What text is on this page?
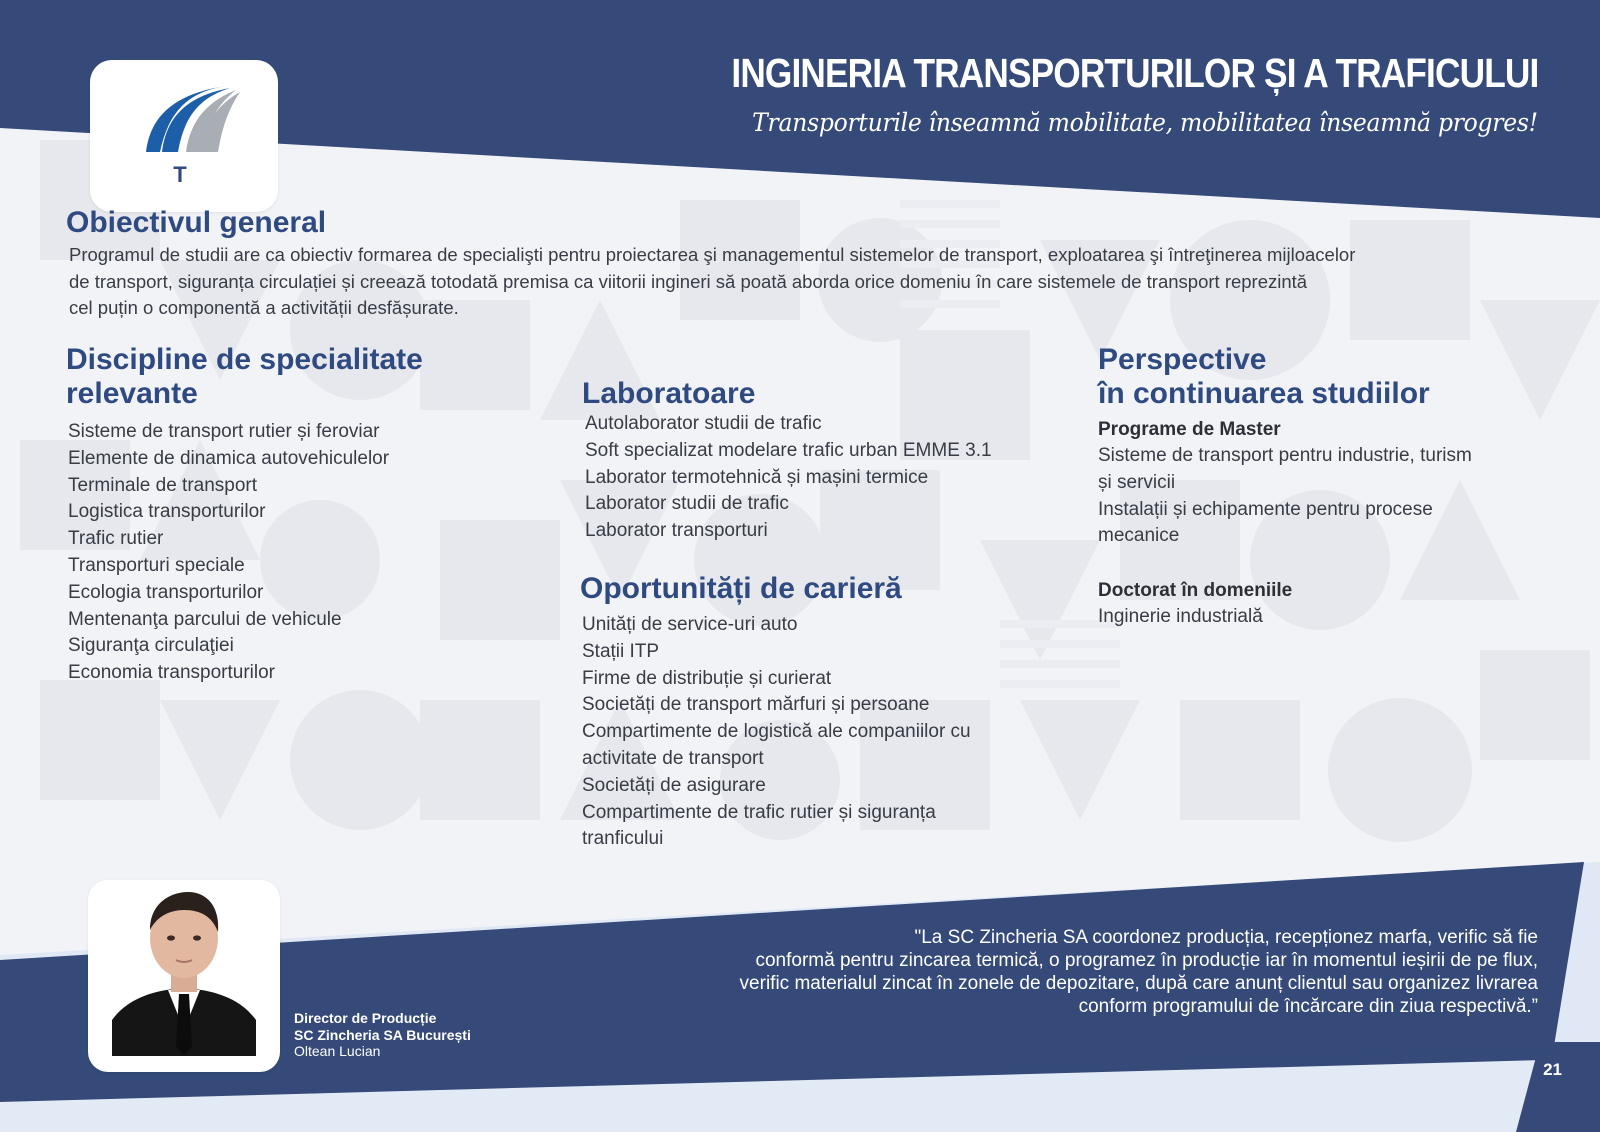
T
INGINERIA TRANSPORTURILOR ȘI A TRAFICULUI
Transporturile înseamnă mobilitate, mobilitatea înseamnă progres!
Obiectivul general
Programul de studii are ca obiectiv formarea de specialişti pentru proiectarea şi managementul sistemelor de transport, exploatarea şi întreţinerea mijloacelor
de transport, siguranța circulației și creează totodată premisa ca viitorii ingineri să poată aborda orice domeniu în care sistemele de transport reprezintă
cel puțin o componentă a activității desfășurate.
Discipline de specialitate
relevante
Sisteme de transport rutier și feroviar
Elemente de dinamica autovehiculelor
Terminale de transport
Logistica transporturilor
Trafic rutier
Transporturi speciale
Ecologia transporturilor
Mentenanţa parcului de vehicule
Siguranţa circulaţiei
Economia transporturilor
Laboratoare
Autolaborator studii de trafic
Soft specializat modelare trafic urban EMME 3.1
Laborator termotehnică și mașini termice
Laborator studii de trafic
Laborator transporturi
Oportunități de carieră
Unități de service-uri auto
Stații ITP
Firme de distribuție și curierat
Societăți de transport mărfuri și persoane
Compartimente de logistică ale companiilor cu
activitate de transport
Societăți de asigurare
Compartimente de trafic rutier și siguranța
tranficului
Perspective
în continuarea studiilor
Programe de Master
Sisteme de transport pentru industrie, turism
și servicii
Instalații și echipamente pentru procese
mecanice
Doctorat în domeniile
Inginerie industrială
Director de Producție
SC Zincheria SA București
Oltean Lucian
"La SC Zincheria SA coordonez producția, recepționez marfa, verific să fie
conformă pentru zincarea termică, o programez în producție iar în momentul ieșirii de pe flux,
verific materialul zincat în zonele de depozitare, după care anunț clientul sau organizez livrarea
conform programului de încărcare din ziua respectivă.”
21
